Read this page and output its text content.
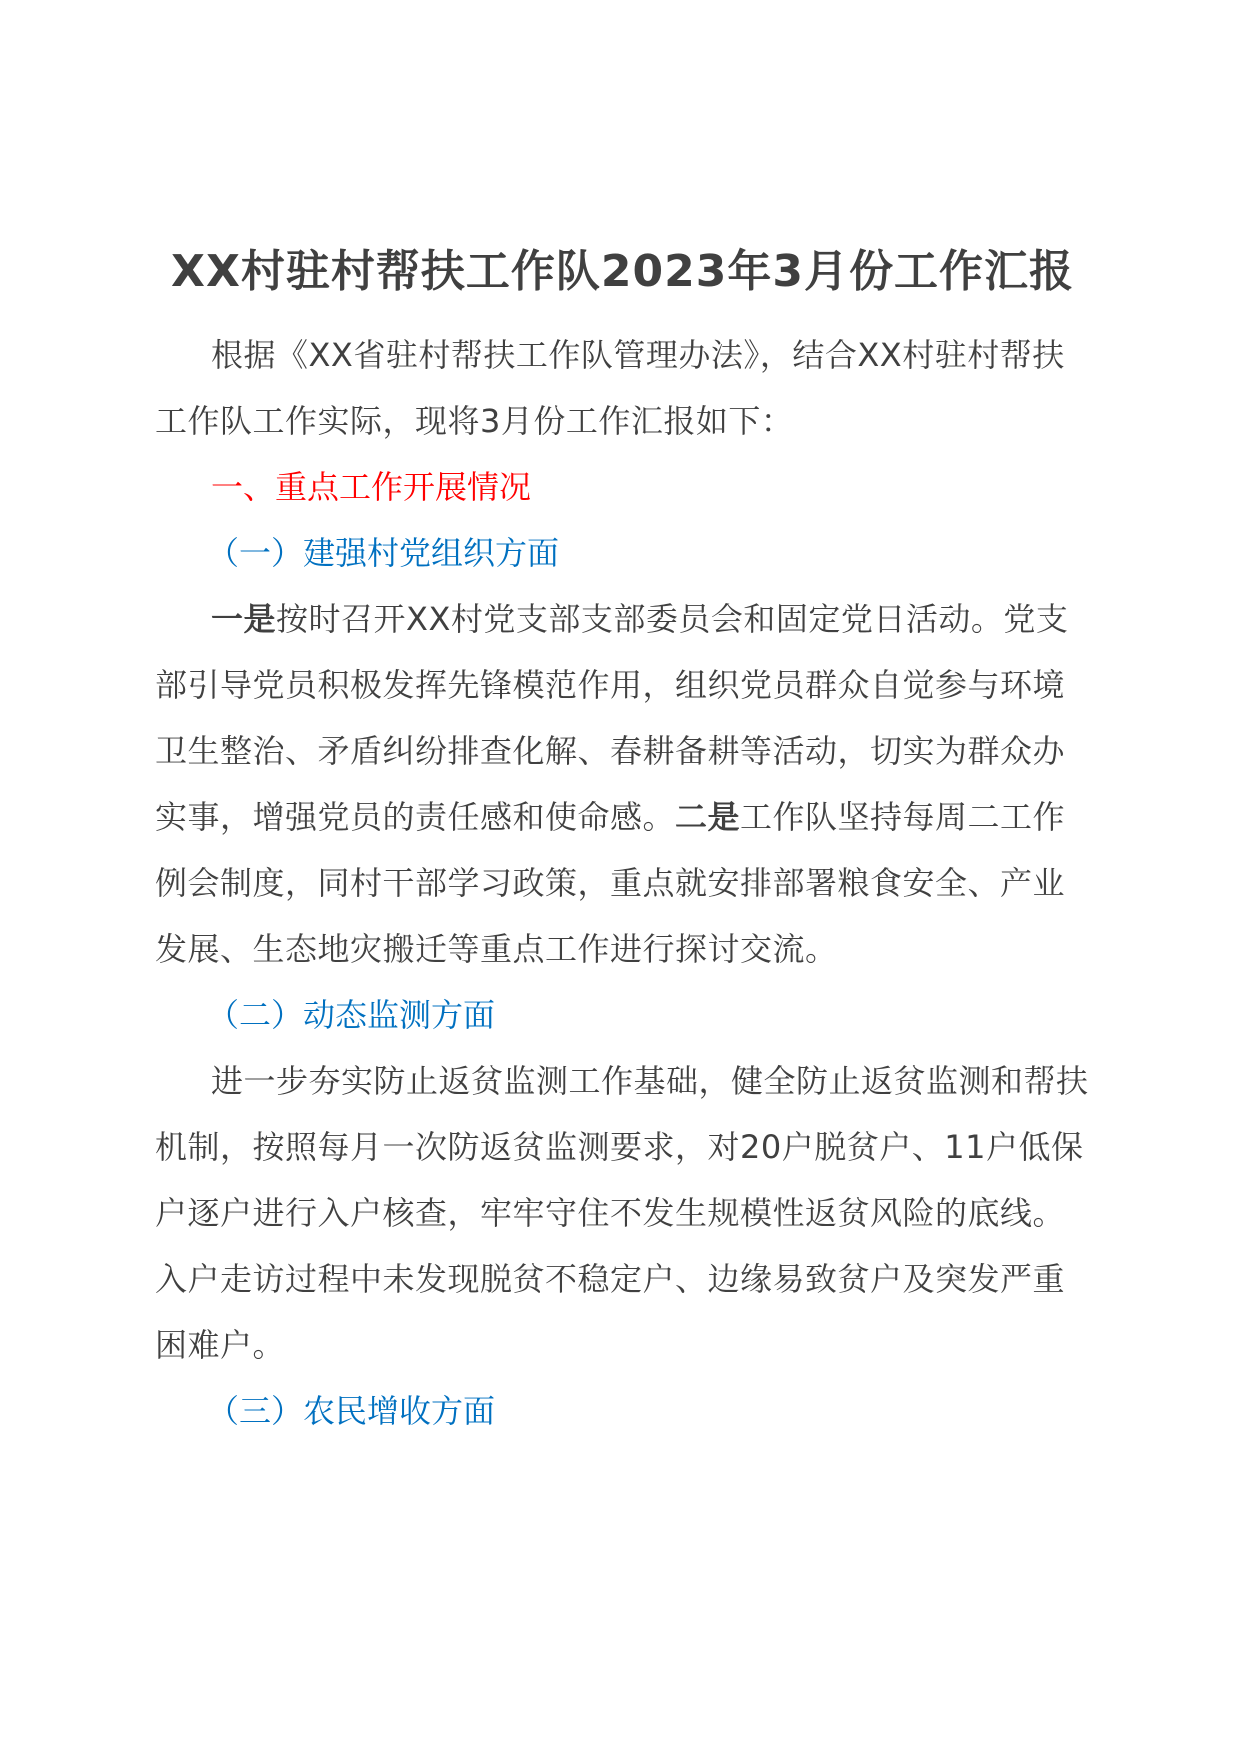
XX村驻村帮扶工作队2023年3月份工作汇报

根据《XX省驻村帮扶工作队管理办法》，结合XX村驻村帮扶工作队工作实际，现将3月份工作汇报如下：

一、重点工作开展情况

（一）建强村党组织方面

一是按时召开XX村党支部支部委员会和固定党日活动。党支部引导党员积极发挥先锋模范作用，组织党员群众自觉参与环境卫生整治、矛盾纠纷排查化解、春耕备耕等活动，切实为群众办实事，增强党员的责任感和使命感。二是工作队坚持每周二工作例会制度，同村干部学习政策，重点就安排部署粮食安全、产业发展、生态地灾搬迁等重点工作进行探讨交流。

（二）动态监测方面

进一步夯实防止返贫监测工作基础，健全防止返贫监测和帮扶机制，按照每月一次防返贫监测要求，对20户脱贫户、11户低保户逐户进行入户核查，牢牢守住不发生规模性返贫风险的底线。入户走访过程中未发现脱贫不稳定户、边缘易致贫户及突发严重困难户。

（三）农民增收方面
